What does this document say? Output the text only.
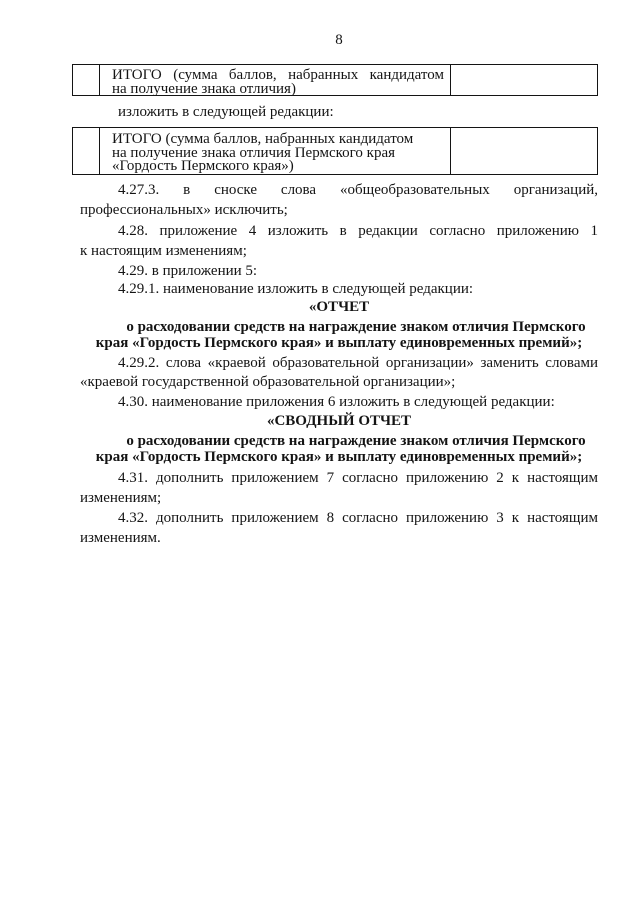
8
ИТОГО (сумма баллов, набранных кандидатом
на получение знака отличия)
изложить в следующей редакции:
ИТОГО (сумма баллов, набранных кандидатом
на получение знака отличия Пермского края
«Гордость Пермского края»)
4.27.3. в сноске слова «общеобразовательных организаций,
профессиональных» исключить;
4.28. приложение 4 изложить в редакции согласно приложению 1
к настоящим изменениям;
4.29. в приложении 5:
4.29.1. наименование изложить в следующей редакции:
«ОТЧЕТ
о расходовании средств на награждение знаком отличия Пермского
края «Гордость Пермского края» и выплату единовременных премий»;
4.29.2. слова «краевой образовательной организации» заменить словами
«краевой государственной образовательной организации»;
4.30. наименование приложения 6 изложить в следующей редакции:
«СВОДНЫЙ ОТЧЕТ
о расходовании средств на награждение знаком отличия Пермского
края «Гордость Пермского края» и выплату единовременных премий»;
4.31. дополнить приложением 7 согласно приложению 2 к настоящим
изменениям;
4.32. дополнить приложением 8 согласно приложению 3 к настоящим
изменениям.
